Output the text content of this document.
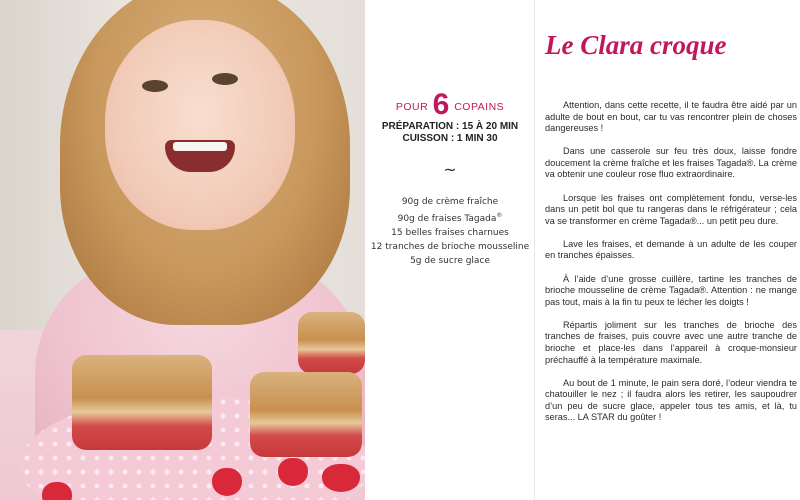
POUR 6 COPAINS
PRÉPARATION : 15 À 20 MIN
CUISSON : 1 MIN 30
~
90g de crème fraîche
90g de fraises Tagada®
15 belles fraises charnues
12 tranches de brioche mousseline
5g de sucre glace
Le Clara croque

Attention, dans cette recette, il te faudra être aidé par un adulte de bout en bout, car tu vas rencontrer plein de choses dangereuses !

Dans une casserole sur feu très doux, laisse fondre doucement la crème fraîche et les fraises Tagada®. La crème va obtenir une couleur rose fluo extraordinaire.

Lorsque les fraises ont complètement fondu, verse-les dans un petit bol que tu rangeras dans le réfrigérateur ; cela va se transformer en crème Tagada®... un petit peu dure.

Lave les fraises, et demande à un adulte de les couper en tranches épaisses.

À l’aide d’une grosse cuillère, tartine les tranches de brioche mousseline de crème Tagada®. Attention : ne mange pas tout, mais à la fin tu peux te lécher les doigts !

Répartis joliment sur les tranches de brioche des tranches de fraises, puis couvre avec une autre tranche de brioche et place-les dans l’appareil à croque-monsieur préchauffé à la température maximale.

Au bout de 1 minute, le pain sera doré, l’odeur viendra te chatouiller le nez ; il faudra alors les retirer, les saupoudrer d’un peu de sucre glace, appeler tous tes amis, et là, tu seras... LA STAR du goûter !
